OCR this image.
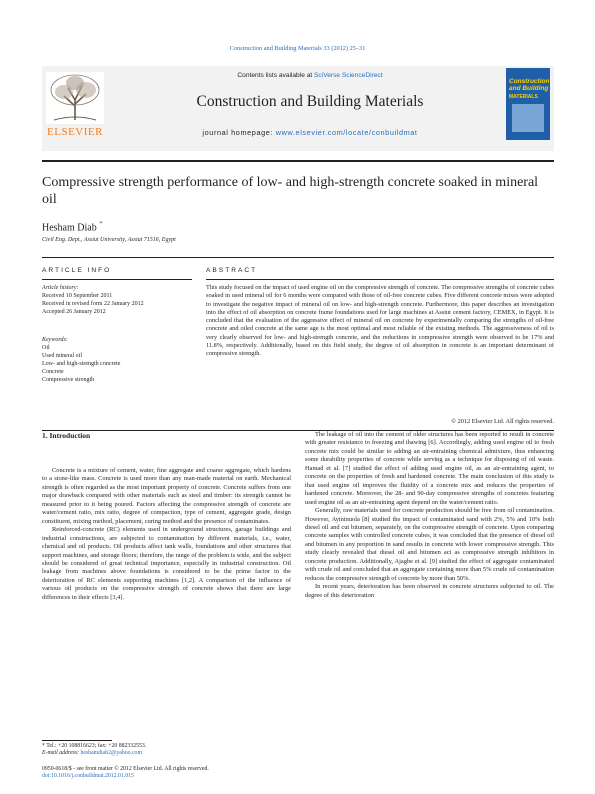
Construction and Building Materials 33 (2012) 25–31
ELSEVIER
Contents lists available at SciVerse ScienceDirect
Construction and Building Materials
journal homepage: www.elsevier.com/locate/conbuildmat
Construction and Building
MATERIALS
Compressive strength performance of low- and high-strength concrete soaked in mineral oil
Hesham Diab *
Civil Eng. Dept., Assiut University, Assiut 71516, Egypt
ARTICLE INFO	ABSTRACT
Article history:
Received 10 September 2011
Received in revised form 22 January 2012
Accepted 26 January 2012
Keywords:
Oil
Used mineral oil
Low- and high-strength concrete
Concrete
Compressive strength
This study focused on the impact of used engine oil on the compressive strength of concrete. The compressive strengths of concrete cubes soaked in used mineral oil for 6 months were compared with those of oil-free concrete cubes. Five different concrete mixes were adopted to investigate the negative impact of mineral oil on low- and high-strength concrete. Furthermore, this paper describes an investigation into the effect of oil absorption on concrete frame foundations used for large machines at Assiut cement factory, CEMEX, in Egypt. It is concluded that the evaluation of the aggressive effect of mineral oil on concrete by experimentally comparing the strengths of oil-free concrete and oiled concrete at the same age is the most optimal and most reliable of the existing methods. The aggressiveness of oil is very clearly observed for low- and high-strength concrete, and the reductions in compressive strength were observed to be 17% and 11.8%, respectively. Additionally, based on this field study, the degree of oil absorption in concrete is an important determinant of compressive strength.
© 2012 Elsevier Ltd. All rights reserved.
1. Introduction

Concrete is a mixture of cement, water, fine aggregate and coarse aggregate, which hardens to a stone-like mass. Concrete is used more than any man-made material on earth. Mechanical strength is often regarded as the most important property of concrete. Concrete suffers from one major drawback compared with other materials such as steel and timber: its strength cannot be measured prior to it being poured. Factors affecting the compressive strength of concrete are water/cement ratio, mix ratio, degree of compaction, type of cement, aggregate grade, design constituent, mixing method, placement, curing method and the presence of contaminates.

Reinforced-concrete (RC) elements used in underground structures, garage buildings and industrial constructions, are subjected to contamination by different materials, i.e., water, chemical and oil products. Oil products affect tank walls, foundations and other structures that support machines, and storage floors; therefore, the range of the problem is wide, and the subject should be considered of great technical importance, especially in industrial construction. Oil leakage from machines above foundations is considered to be the prime factor in the deterioration of RC elements supporting machines [1,2]. A comparison of the influence of various oil products on the compressive strength of concrete shows that there are large differences in their effects [3,4].

The leakage of oil into the cement of older structures has been reported to result in concrete with greater resistance to freezing and thawing [6]. Accordingly, adding used engine oil to fresh concrete mix could be similar to adding an air-entraining chemical admixture, thus enhancing some durability properties of concrete while serving as a technique for disposing of oil waste. Hamad et al. [7] studied the effect of adding used engine oil, as an air-entraining agent, to concrete on the properties of fresh and hardened concrete. The main conclusion of this study is that used engine oil improves the fluidity of a concrete mix and reduces the properties of hardened concrete. Moreover, the 28- and 90-day compressive strengths of concretes featuring used engine oil as an air-entraining agent depend on the water/cement ratio.

Generally, raw materials used for concrete production should be free from oil contamination. However, Ayininuola [8] studied the impact of contaminated sand with 2%, 5% and 10% both diesel oil and cut bitumen, separately, on the compressive strength of concrete. Upon comparing concrete samples with controlled concrete cubes, it was concluded that the presence of diesel oil and bitumen in any proportion in sand results in concrete with lower compressive strength. This study clearly revealed that diesel oil and bitumen act as compressive strength inhibitors in concrete production. Additionally, Ajagbe et al. [9] studied the effect of aggregate contaminated with crude oil and concluded that an aggregate containing more than 5% crude oil contamination reduces the compressive strength of concrete by more than 50%.

In recent years, deterioration has been observed in concrete structures subjected to oil. The degree of this deterioration

* Tel.: +20 108816623; fax: +20 882332553.
E-mail address: heshamdiab2@yahoo.com
0950-0618/$ - see front matter © 2012 Elsevier Ltd. All rights reserved.
doi:10.1016/j.conbuildmat.2012.01.015
